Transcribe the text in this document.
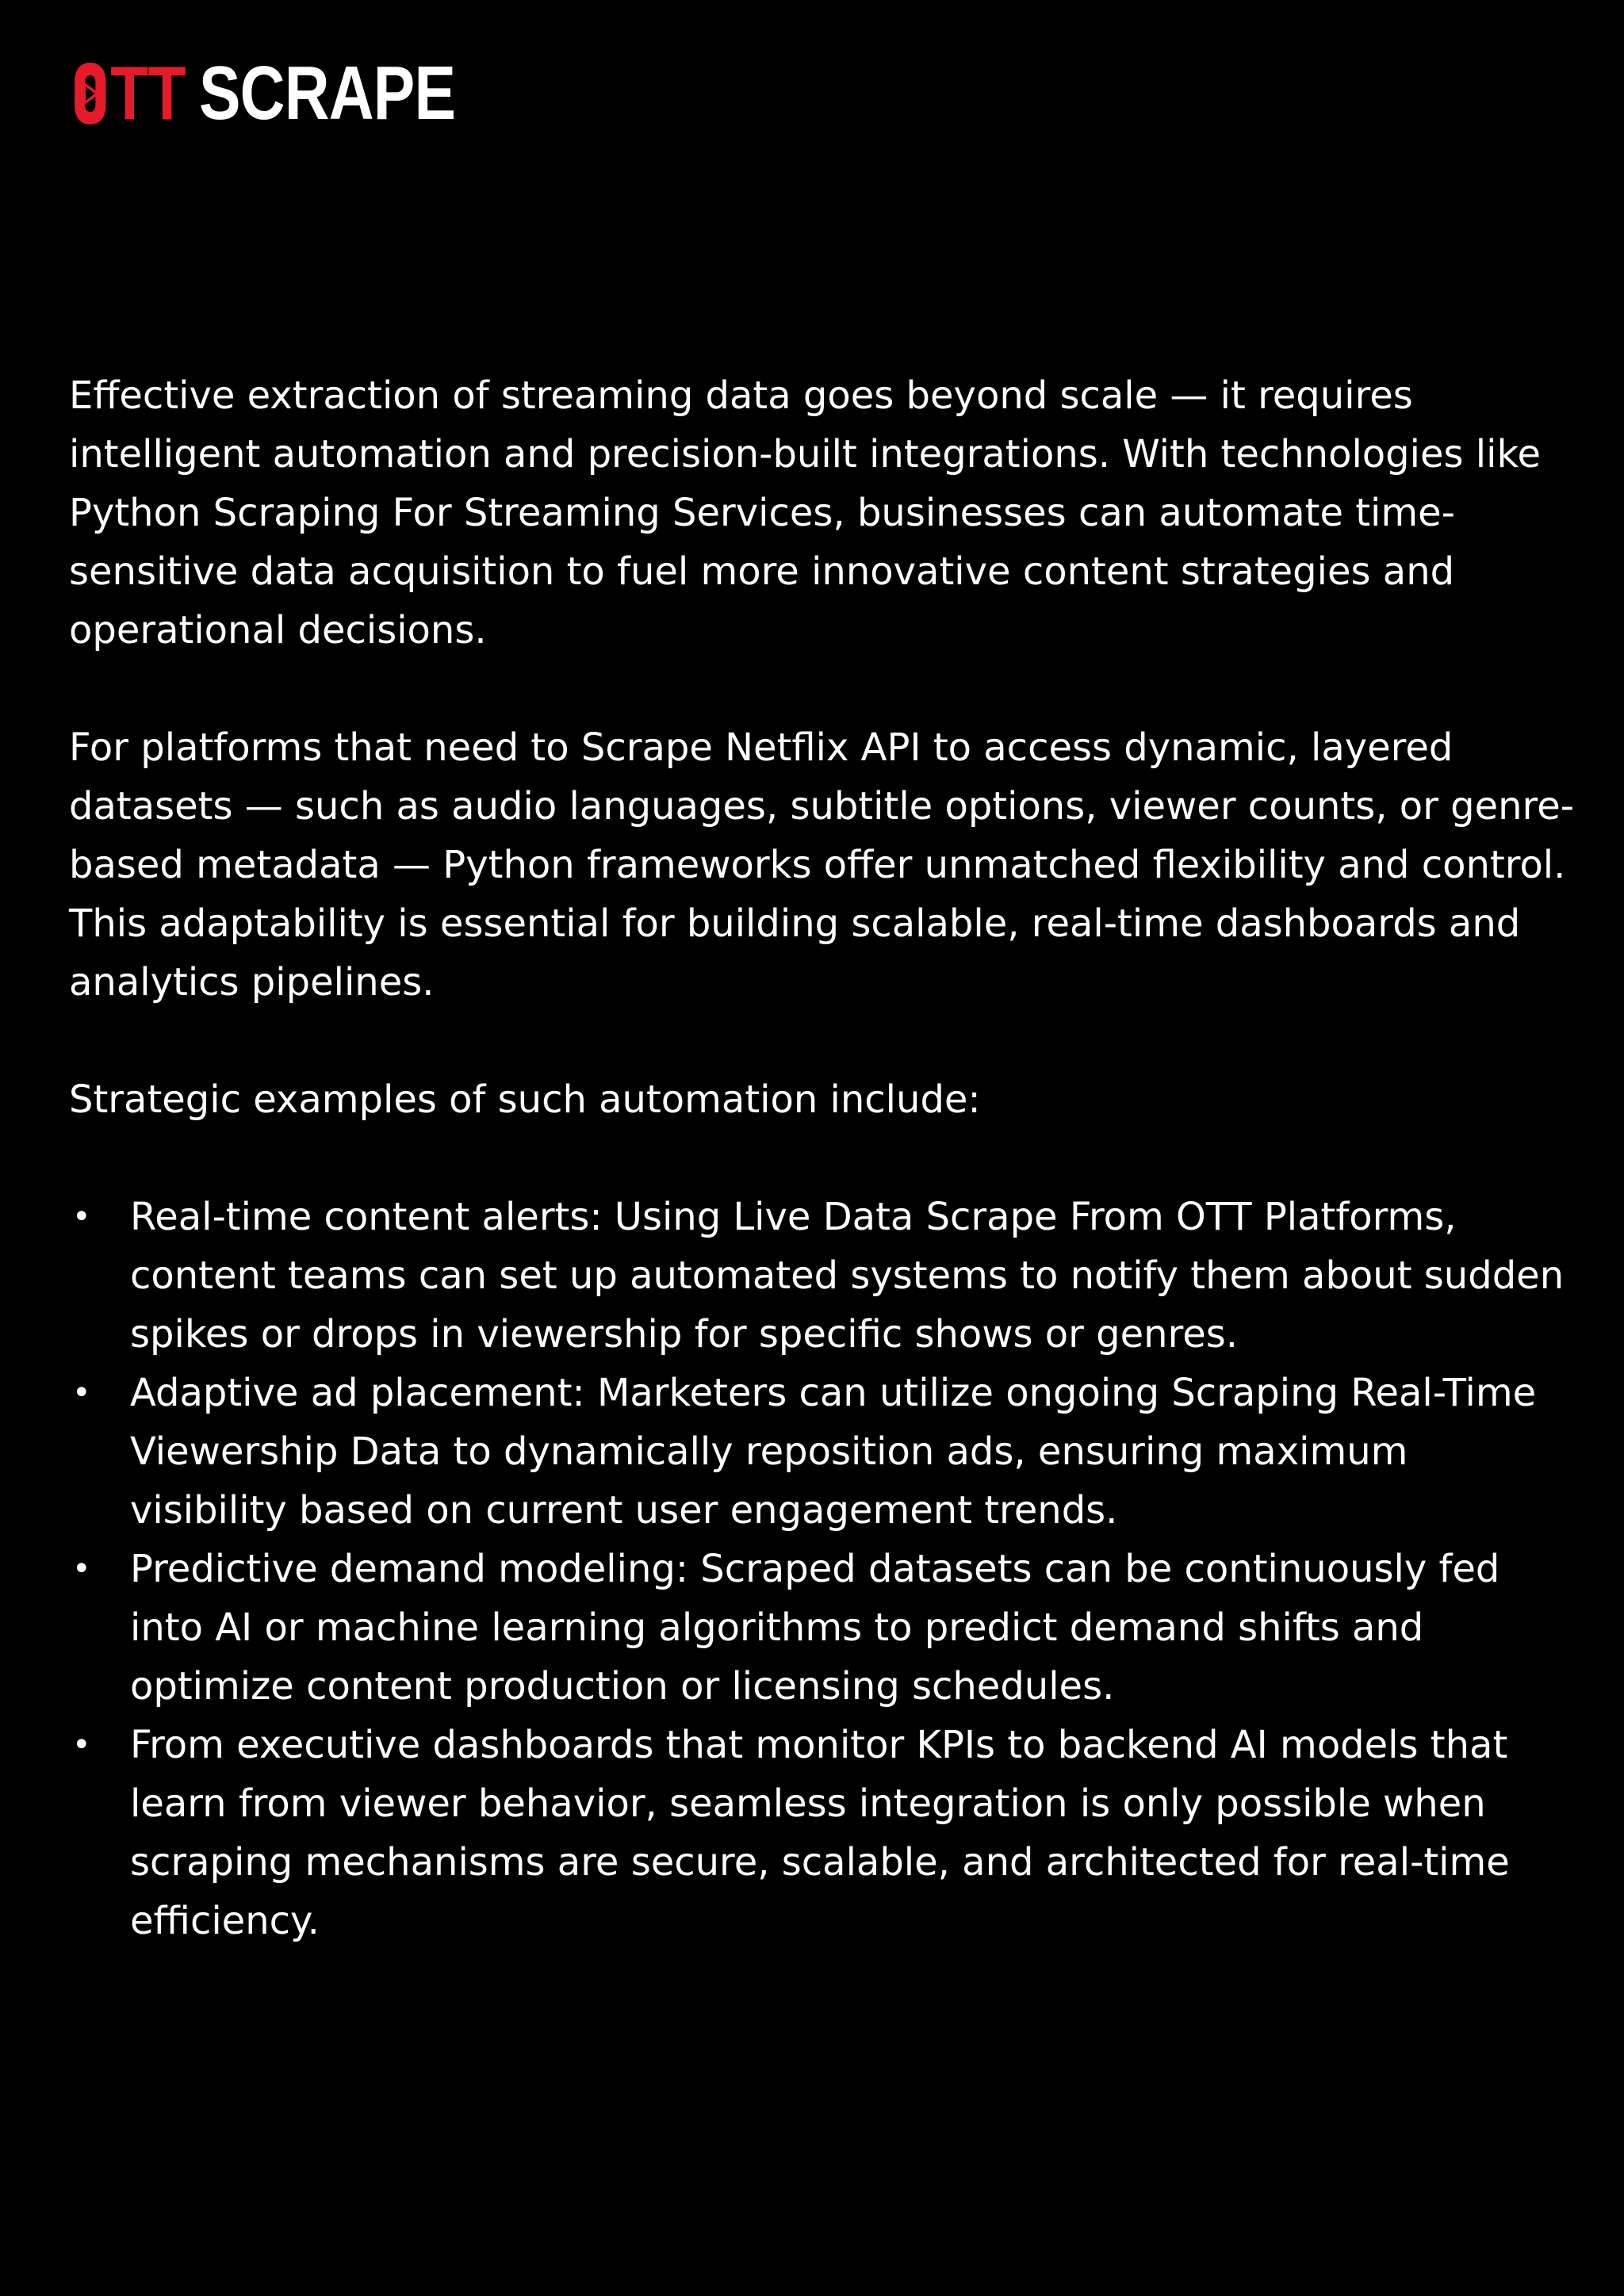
TT SCRAPE

Effective extraction of streaming data goes beyond scale — it requires intelligent automation and precision-built integrations. With technologies like Python Scraping For Streaming Services, businesses can automate time-sensitive data acquisition to fuel more innovative content strategies and operational decisions.

For platforms that need to Scrape Netflix API to access dynamic, layered datasets — such as audio languages, subtitle options, viewer counts, or genre-based metadata — Python frameworks offer unmatched flexibility and control. This adaptability is essential for building scalable, real-time dashboards and analytics pipelines.

Strategic examples of such automation include:

• Real-time content alerts: Using Live Data Scrape From OTT Platforms, content teams can set up automated systems to notify them about sudden spikes or drops in viewership for specific shows or genres.
• Adaptive ad placement: Marketers can utilize ongoing Scraping Real-Time Viewership Data to dynamically reposition ads, ensuring maximum visibility based on current user engagement trends.
• Predictive demand modeling: Scraped datasets can be continuously fed into AI or machine learning algorithms to predict demand shifts and optimize content production or licensing schedules.
• From executive dashboards that monitor KPIs to backend AI models that learn from viewer behavior, seamless integration is only possible when scraping mechanisms are secure, scalable, and architected for real-time efficiency.
